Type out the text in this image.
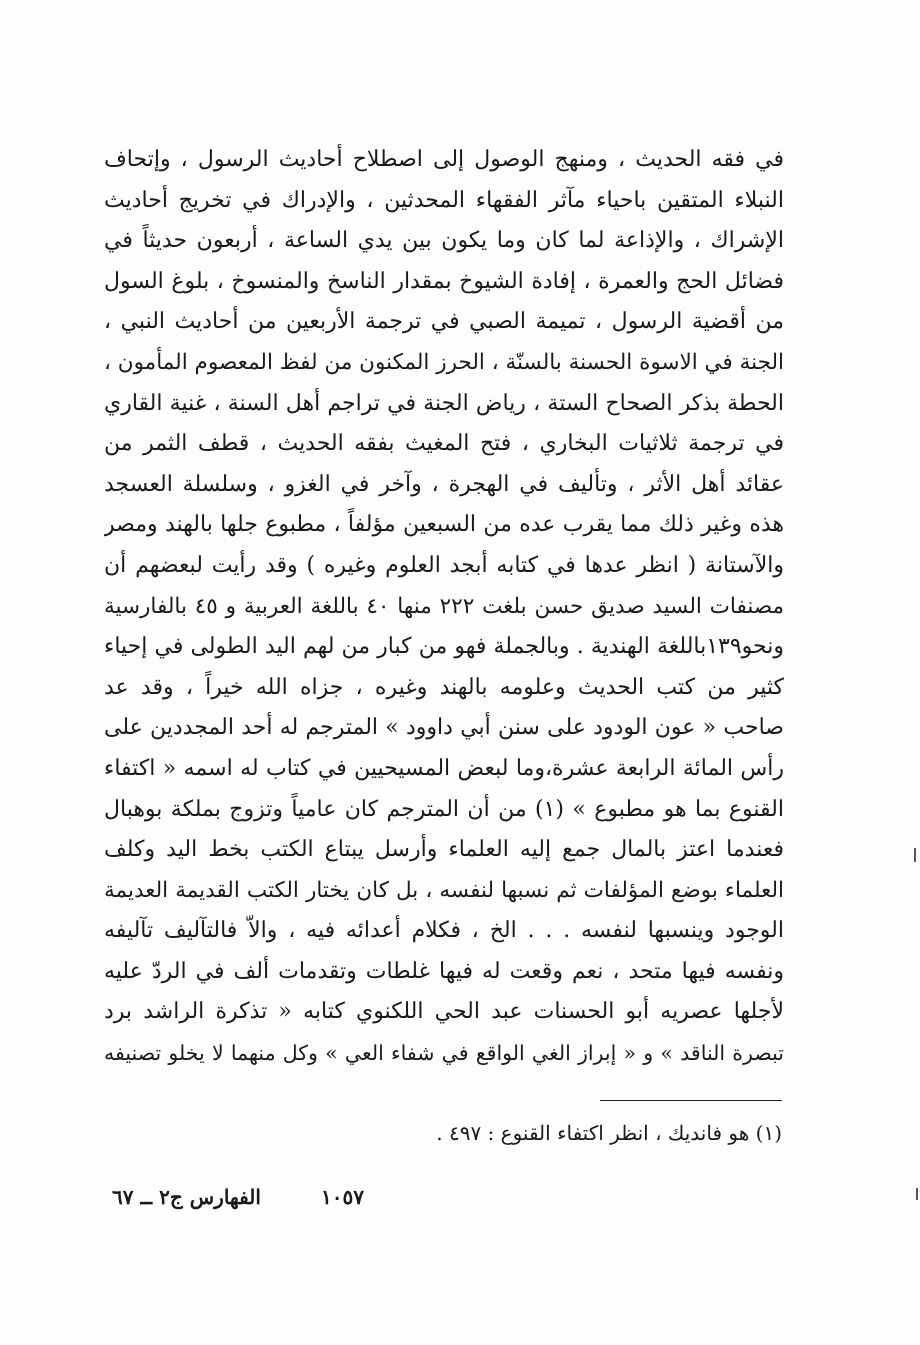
في فقه الحديث ، ومنهج الوصول إلى اصطلاح أحاديث الرسول ، وإتحاف
النبلاء المتقين باحياء مآثر الفقهاء المحدثين ، والإدراك في تخريج أحاديث
الإشراك ، والإذاعة لما كان وما يكون بين يدي الساعة ، أربعون حديثاً في
فضائل الحج والعمرة ، إفادة الشيوخ بمقدار الناسخ والمنسوخ ، بلوغ السول
من أقضية الرسول ، تميمة الصبي في ترجمة الأربعين من أحاديث النبي ،
الجنة في الاسوة الحسنة بالسنّة ، الحرز المكنون من لفظ المعصوم المأمون ،
الحطة بذكر الصحاح الستة ، رياض الجنة في تراجم أهل السنة ، غنية القاري
في ترجمة ثلاثيات البخاري ، فتح المغيث بفقه الحديث ، قطف الثمر من
عقائد أهل الأثر ، وتأليف في الهجرة ، وآخر في الغزو ، وسلسلة العسجد
هذه وغير ذلك مما يقرب عده من السبعين مؤلفاً ، مطبوع جلها بالهند ومصر
والآستانة ( انظر عدها في كتابه أبجد العلوم وغيره ) وقد رأيت لبعضهم أن
مصنفات السيد صديق حسن بلغت ٢٢٢ منها ٤٠ باللغة العربية و ٤٥ بالفارسية
ونحو١٣٩باللغة الهندية . وبالجملة فهو من كبار من لهم اليد الطولى في إحياء
كثير من كتب الحديث وعلومه بالهند وغيره ، جزاه الله خيراً ، وقد عد
صاحب « عون الودود على سنن أبي داوود » المترجم له أحد المجددين على
رأس المائة الرابعة عشرة،وما لبعض المسيحيين في كتاب له اسمه « اكتفاء
القنوع بما هو مطبوع » (١) من أن المترجم كان عامياً وتزوج بملكة بوهبال
فعندما اعتز بالمال جمع إليه العلماء وأرسل يبتاع الكتب بخط اليد وكلف
العلماء بوضع المؤلفات ثم نسبها لنفسه ، بل كان يختار الكتب القديمة العديمة
الوجود وينسبها لنفسه . . . الخ ، فكلام أعدائه فيه ، والاّ فالتآليف تآليفه
ونفسه فيها متحد ، نعم وقعت له فيها غلطات وتقدمات ألف في الردّ عليه
لأجلها عصريه أبو الحسنات عبد الحي اللكنوي كتابه « تذكرة الراشد برد
تبصرة الناقد » و « إبراز الغي الواقع في شفاء العي » وكل منهما لا يخلو تصنيفه
(١) هو فانديك ، انظر اكتفاء القنوع : ٤٩٧ .
١٠٥٧
الفهارس ج٢ ــ ٦٧
